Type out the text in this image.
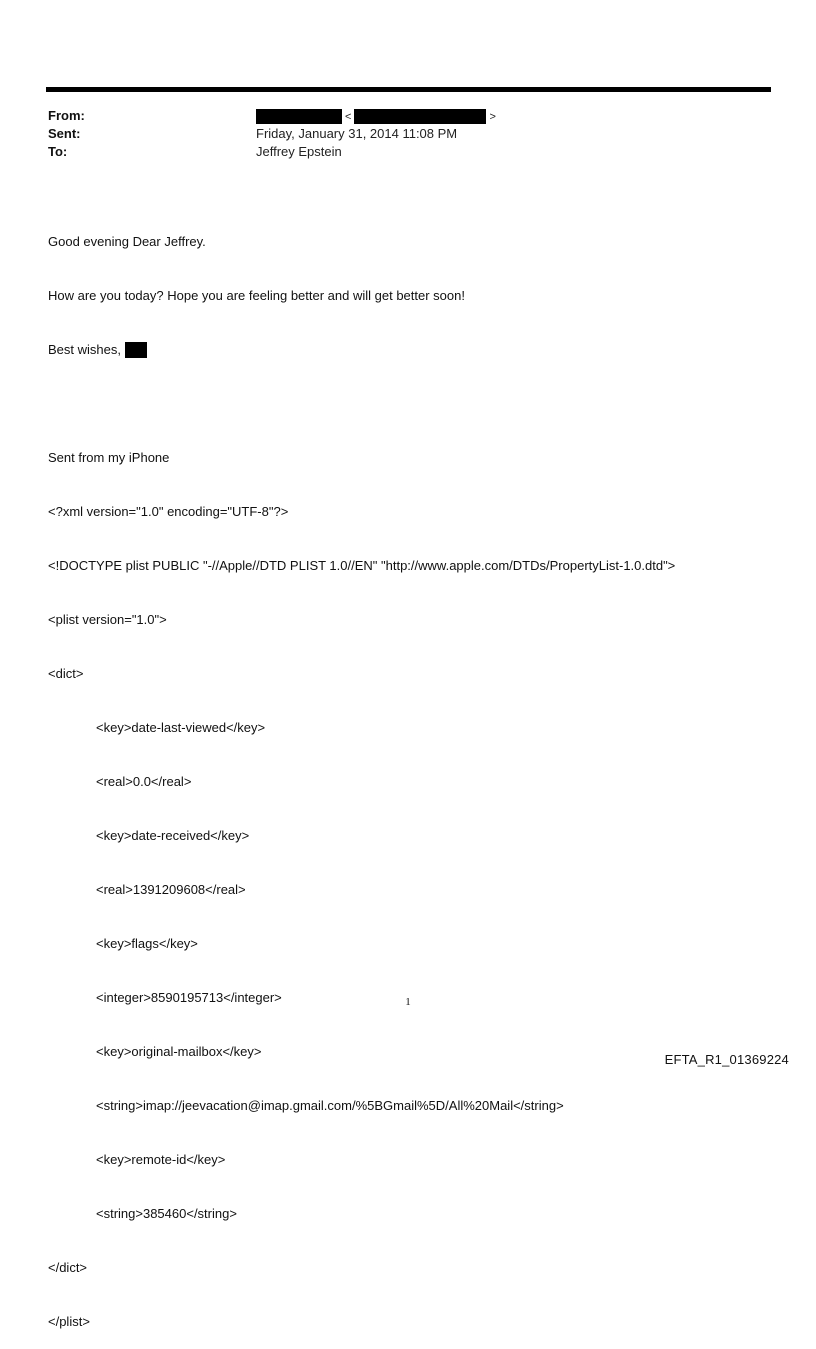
From:	<	>
Sent:	Friday, January 31, 2014 11:08 PM
To:	Jeffrey Epstein

Good evening Dear Jeffrey.

How are you today? Hope you are feeling better and will get better soon!

Best wishes,

Sent from my iPhone

<?xml version="1.0" encoding="UTF-8"?>

<!DOCTYPE plist PUBLIC "-//Apple//DTD PLIST 1.0//EN" "http://www.apple.com/DTDs/PropertyList-1.0.dtd">

<plist version="1.0">

<dict>

<key>date-last-viewed</key>

<real>0.0</real>

<key>date-received</key>

<real>1391209608</real>

<key>flags</key>

<integer>8590195713</integer>

<key>original-mailbox</key>

<string>imap://jeevacation@imap.gmail.com/%5BGmail%5D/All%20Mail</string>

<key>remote-id</key>

<string>385460</string>

</dict>

</plist>

1
EFTA_R1_01369224
